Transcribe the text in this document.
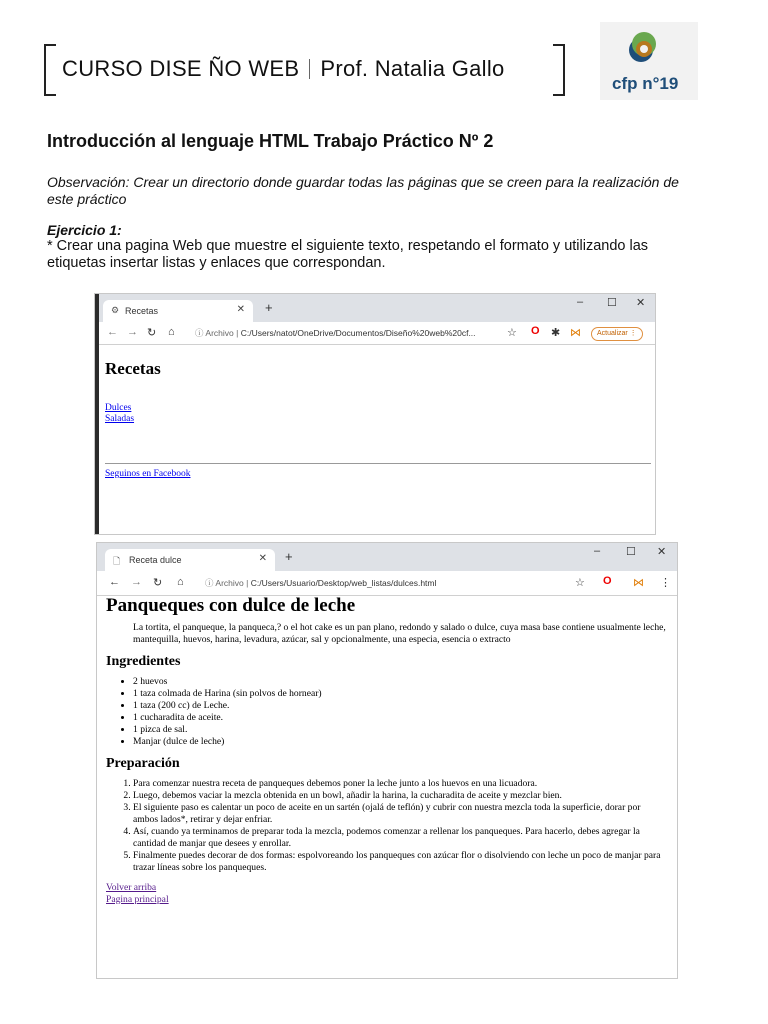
CURSO DISE ÑO WEB Prof. Natalia Gallo
cfp n°19
Introducción al lenguaje HTML Trabajo Práctico Nº 2
Observación: Crear un directorio donde guardar todas las páginas que se creen para la realización de este práctico
Ejercicio 1:
* Crear una pagina Web que muestre el siguiente texto, respetando el formato y utilizando las etiquetas insertar listas y enlaces que correspondan.
⚙ Recetas	✕ +	– ☐ ✕
← → ↻ ⌂ ⓘ Archivo | C:/Users/natot/OneDrive/Documentos/Diseño%20web%20cf...	☆ O ✱ ⋈	Actualizar ⋮
Recetas
Dulces
Saladas
Seguinos en Facebook
🗋 Receta dulce	✕ +	– ☐ ✕
← → ↻ ⌂	ⓘ Archivo | C:/Users/Usuario/Desktop/web_listas/dulces.html	☆ O ⋈ ⋮
Panqueques con dulce de leche

La tortita, el panqueque, la panqueca,? o el hot cake es un pan plano, redondo y salado o dulce, cuya masa base contiene usualmente leche, mantequilla, huevos, harina, levadura, azúcar, sal y opcionalmente, una especia, esencia o extracto

Ingredientes
• 2 huevos
• 1 taza colmada de Harina (sin polvos de hornear)
• 1 taza (200 cc) de Leche.
• 1 cucharadita de aceite.
• 1 pizca de sal.
• Manjar (dulce de leche)
Preparación
1. Para comenzar nuestra receta de panqueques debemos poner la leche junto a los huevos en una licuadora.
2. Luego, debemos vaciar la mezcla obtenida en un bowl, añadir la harina, la cucharadita de aceite y mezclar bien.
3. El siguiente paso es calentar un poco de aceite en un sartén (ojalá de teflón) y cubrir con nuestra mezcla toda la superficie, dorar por ambos lados*, retirar y dejar enfriar.
4. Así, cuando ya terminamos de preparar toda la mezcla, podemos comenzar a rellenar los panqueques. Para hacerlo, debes agregar la cantidad de manjar que desees y enrollar.
5. Finalmente puedes decorar de dos formas: espolvoreando los panqueques con azúcar flor o disolviendo con leche un poco de manjar para trazar líneas sobre los panqueques.
Volver arriba
Pagina principal
